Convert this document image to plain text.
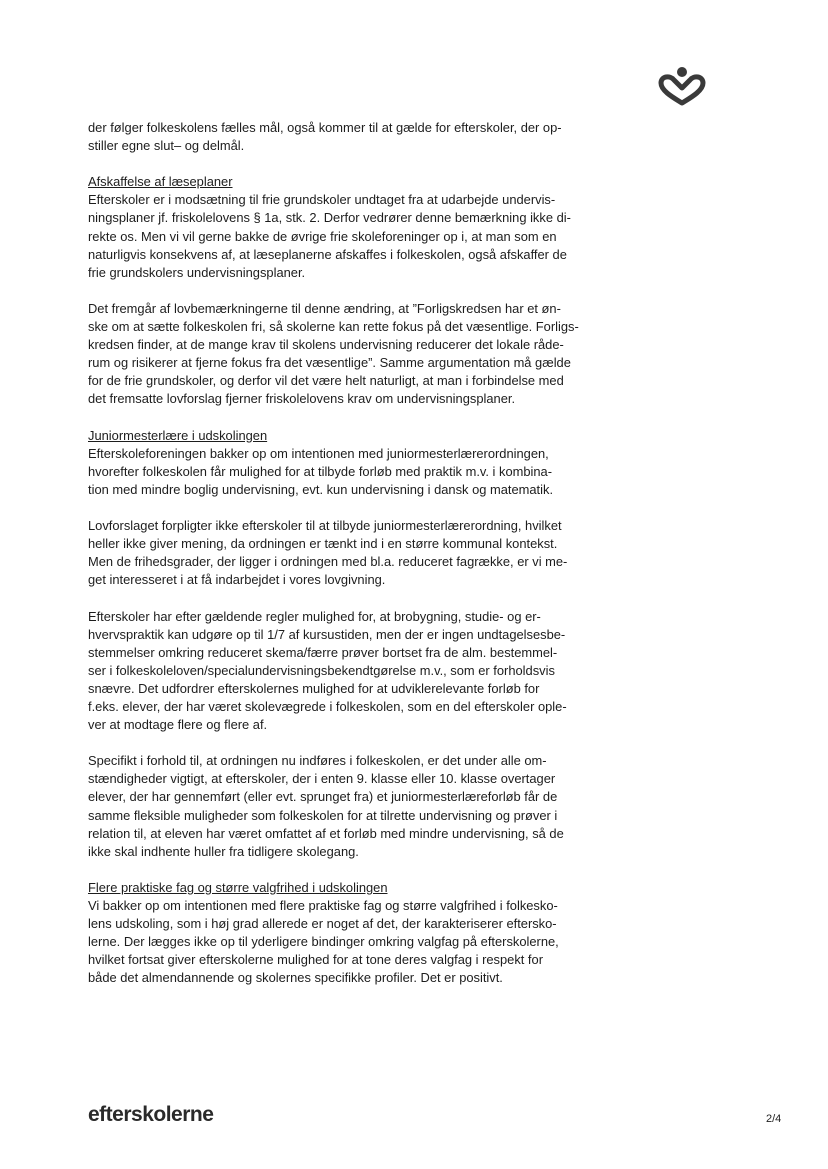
der følger folkeskolens fælles mål, også kommer til at gælde for efterskoler, der op-
stiller egne slut– og delmål.
Afskaffelse af læseplaner
Efterskoler er i modsætning til frie grundskoler undtaget fra at udarbejde undervis-
ningsplaner jf. friskolelovens § 1a, stk. 2. Derfor vedrører denne bemærkning ikke di-
rekte os. Men vi vil gerne bakke de øvrige frie skoleforeninger op i, at man som en
naturligvis konsekvens af, at læseplanerne afskaffes i folkeskolen, også afskaffer de
frie grundskolers undervisningsplaner.
Det fremgår af lovbemærkningerne til denne ændring, at ”Forligskredsen har et øn-
ske om at sætte folkeskolen fri, så skolerne kan rette fokus på det væsentlige. Forligs-
kredsen finder, at de mange krav til skolens undervisning reducerer det lokale råde-
rum og risikerer at fjerne fokus fra det væsentlige”. Samme argumentation må gælde
for de frie grundskoler, og derfor vil det være helt naturligt, at man i forbindelse med
det fremsatte lovforslag fjerner friskolelovens krav om undervisningsplaner.
Juniormesterlære i udskolingen
Efterskoleforeningen bakker op om intentionen med juniormesterlærerordningen,
hvorefter folkeskolen får mulighed for at tilbyde forløb med praktik m.v. i kombina-
tion med mindre boglig undervisning, evt. kun undervisning i dansk og matematik.
Lovforslaget forpligter ikke efterskoler til at tilbyde juniormesterlærerordning, hvilket
heller ikke giver mening, da ordningen er tænkt ind i en større kommunal kontekst.
Men de frihedsgrader, der ligger i ordningen med bl.a. reduceret fagrække, er vi me-
get interesseret i at få indarbejdet i vores lovgivning.
Efterskoler har efter gældende regler mulighed for, at brobygning, studie- og er-
hvervspraktik kan udgøre op til 1/7 af kursustiden, men der er ingen undtagelsesbe-
stemmelser omkring reduceret skema/færre prøver bortset fra de alm. bestemmel-
ser i folkeskoleloven/specialundervisningsbekendtgørelse m.v., som er forholdsvis
snævre. Det udfordrer efterskolernes mulighed for at udviklerelevante forløb for
f.eks. elever, der har været skolevægrede i folkeskolen, som en del efterskoler ople-
ver at modtage flere og flere af.
Specifikt i forhold til, at ordningen nu indføres i folkeskolen, er det under alle om-
stændigheder vigtigt, at efterskoler, der i enten 9. klasse eller 10. klasse overtager
elever, der har gennemført (eller evt. sprunget fra) et juniormesterlæreforløb får de
samme fleksible muligheder som folkeskolen for at tilrette undervisning og prøver i
relation til, at eleven har været omfattet af et forløb med mindre undervisning, så de
ikke skal indhente huller fra tidligere skolegang.
Flere praktiske fag og større valgfrihed i udskolingen
Vi bakker op om intentionen med flere praktiske fag og større valgfrihed i folkesko-
lens udskoling, som i høj grad allerede er noget af det, der karakteriserer eftersko-
lerne. Der lægges ikke op til yderligere bindinger omkring valgfag på efterskolerne,
hvilket fortsat giver efterskolerne mulighed for at tone deres valgfag i respekt for
både det almendannende og skolernes specifikke profiler. Det er positivt.
efterskolerne	2/4
